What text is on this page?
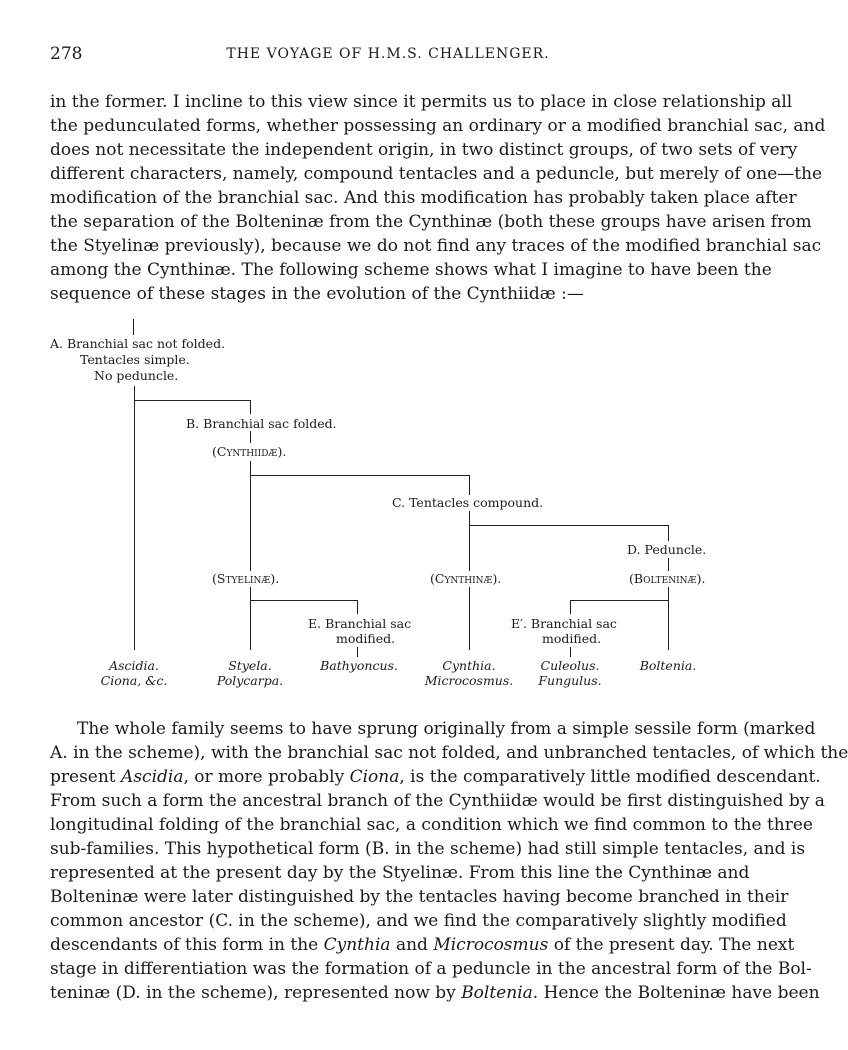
278	THE VOYAGE OF H.M.S. CHALLENGER.
in the former. I incline to this view since it permits us to place in close relationship all
the pedunculated forms, whether possessing an ordinary or a modified branchial sac, and
does not necessitate the independent origin, in two distinct groups, of two sets of very
different characters, namely, compound tentacles and a peduncle, but merely of one—the
modification of the branchial sac. And this modification has probably taken place after
the separation of the Bolteninæ from the Cynthinæ (both these groups have arisen from
the Styelinæ previously), because we do not find any traces of the modified branchial sac
among the Cynthinæ. The following scheme shows what I imagine to have been the
sequence of these stages in the evolution of the Cynthiidæ :—
A. Branchial sac not folded.
Tentacles simple.
No peduncle.
B. Branchial sac folded.
(Cynthiidæ).
C. Tentacles compound.
D. Peduncle.
(Bolteninæ).
(Styelinæ).	(Cynthinæ).
E. Branchial sac
modified.
E′. Branchial sac
modified.
Ascidia.
Ciona, &c.
Styela.
Polycarpa.
Bathyoncus.	Cynthia.
Microcosmus.
Culeolus.
Fungulus.
Boltenia.
The whole family seems to have sprung originally from a simple sessile form (marked
A. in the scheme), with the branchial sac not folded, and unbranched tentacles, of which the
present Ascidia, or more probably Ciona, is the comparatively little modified descendant.
From such a form the ancestral branch of the Cynthiidæ would be first distinguished by a
longitudinal folding of the branchial sac, a condition which we find common to the three
sub-families. This hypothetical form (B. in the scheme) had still simple tentacles, and is
represented at the present day by the Styelinæ. From this line the Cynthinæ and
Bolteninæ were later distinguished by the tentacles having become branched in their
common ancestor (C. in the scheme), and we find the comparatively slightly modified
descendants of this form in the Cynthia and Microcosmus of the present day. The next
stage in differentiation was the formation of a peduncle in the ancestral form of the Bol-
teninæ (D. in the scheme), represented now by Boltenia. Hence the Bolteninæ have been
